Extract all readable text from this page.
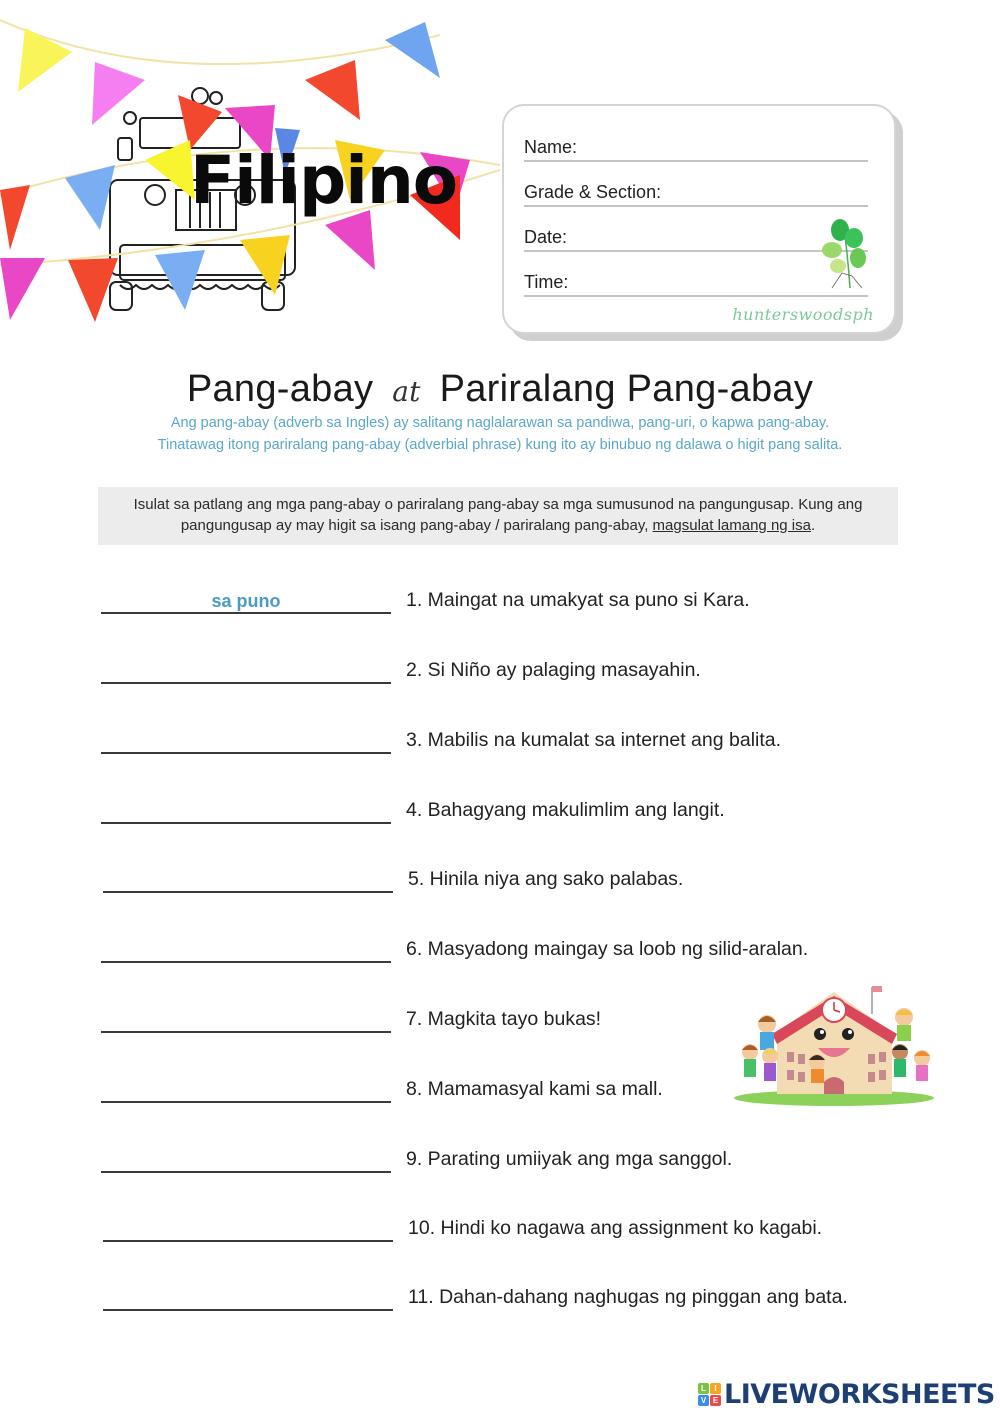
Filipino	Name:
Grade & Section:
Date:
Time:
hunterswoodsph
Pang-abay at Pariralang Pang-abay
Ang pang-abay (adverb sa Ingles) ay salitang naglalarawan sa pandiwa, pang-uri, o kapwa pang-abay.
Tinatawag itong pariralang pang-abay (adverbial phrase) kung ito ay binubuo ng dalawa o higit pang salita.
Isulat sa patlang ang mga pang-abay o pariralang pang-abay sa mga sumusunod na pangungusap. Kung ang pangungusap ay may higit sa isang pang-abay / pariralang pang-abay, magsulat lamang ng isa.
sa puno
1. Maingat na umakyat sa puno si Kara.
2. Si Niño ay palaging masayahin.
3. Mabilis na kumalat sa internet ang balita.
4. Bahagyang makulimlim ang langit.
5. Hinila niya ang sako palabas.
6. Masyadong maingay sa loob ng silid-aralan.
7. Magkita tayo bukas!
8. Mamamasyal kami sa mall.
9. Parating umiiyak ang mga sanggol.
10. Hindi ko nagawa ang assignment ko kagabi.
11. Dahan-dahang naghugas ng pinggan ang bata.
L	I
V E LIVEWORKSHEETS
